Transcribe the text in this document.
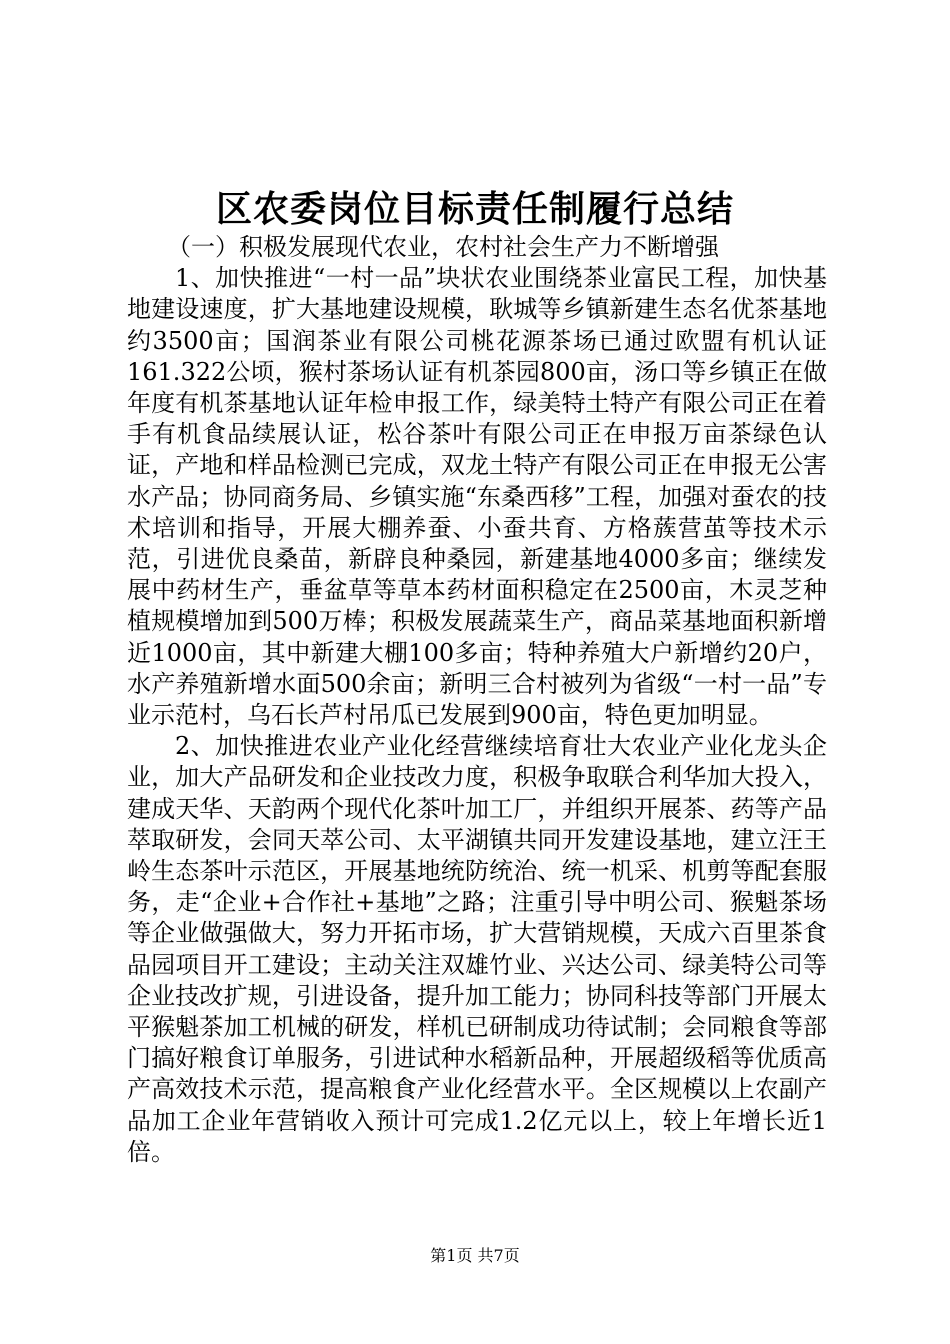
区农委岗位目标责任制履行总结

（一）积极发展现代农业，农村社会生产力不断增强

1、加快推进“一村一品”块状农业围绕茶业富民工程，加快基地建设速度，扩大基地建设规模，耿城等乡镇新建生态名优茶基地约3500亩；国润茶业有限公司桃花源茶场已通过欧盟有机认证161.322公顷，猴村茶场认证有机茶园800亩，汤口等乡镇正在做年度有机茶基地认证年检申报工作，绿美特土特产有限公司正在着手有机食品续展认证，松谷茶叶有限公司正在申报万亩茶绿色认证，产地和样品检测已完成，双龙土特产有限公司正在申报无公害水产品；协同商务局、乡镇实施“东桑西移”工程，加强对蚕农的技术培训和指导，开展大棚养蚕、小蚕共育、方格蔟营茧等技术示范，引进优良桑苗，新辟良种桑园，新建基地4000多亩；继续发展中药材生产，垂盆草等草本药材面积稳定在2500亩，木灵芝种植规模增加到500万棒；积极发展蔬菜生产，商品菜基地面积新增近1000亩，其中新建大棚100多亩；特种养殖大户新增约20户，水产养殖新增水面500余亩；新明三合村被列为省级“一村一品”专业示范村，乌石长芦村吊瓜已发展到900亩，特色更加明显。

2、加快推进农业产业化经营继续培育壮大农业产业化龙头企业，加大产品研发和企业技改力度，积极争取联合利华加大投入，建成天华、天韵两个现代化茶叶加工厂，并组织开展茶、药等产品萃取研发，会同天萃公司、太平湖镇共同开发建设基地，建立汪王岭生态茶叶示范区，开展基地统防统治、统一机采、机剪等配套服务，走“企业+合作社+基地”之路；注重引导中明公司、猴魁茶场等企业做强做大，努力开拓市场，扩大营销规模，天成六百里茶食品园项目开工建设；主动关注双雄竹业、兴达公司、绿美特公司等企业技改扩规，引进设备，提升加工能力；协同科技等部门开展太平猴魁茶加工机械的研发，样机已研制成功待试制；会同粮食等部门搞好粮食订单服务，引进试种水稻新品种，开展超级稻等优质高产高效技术示范，提高粮食产业化经营水平。全区规模以上农副产品加工企业年营销收入预计可完成1.2亿元以上，较上年增长近1倍。

第1页 共7页
